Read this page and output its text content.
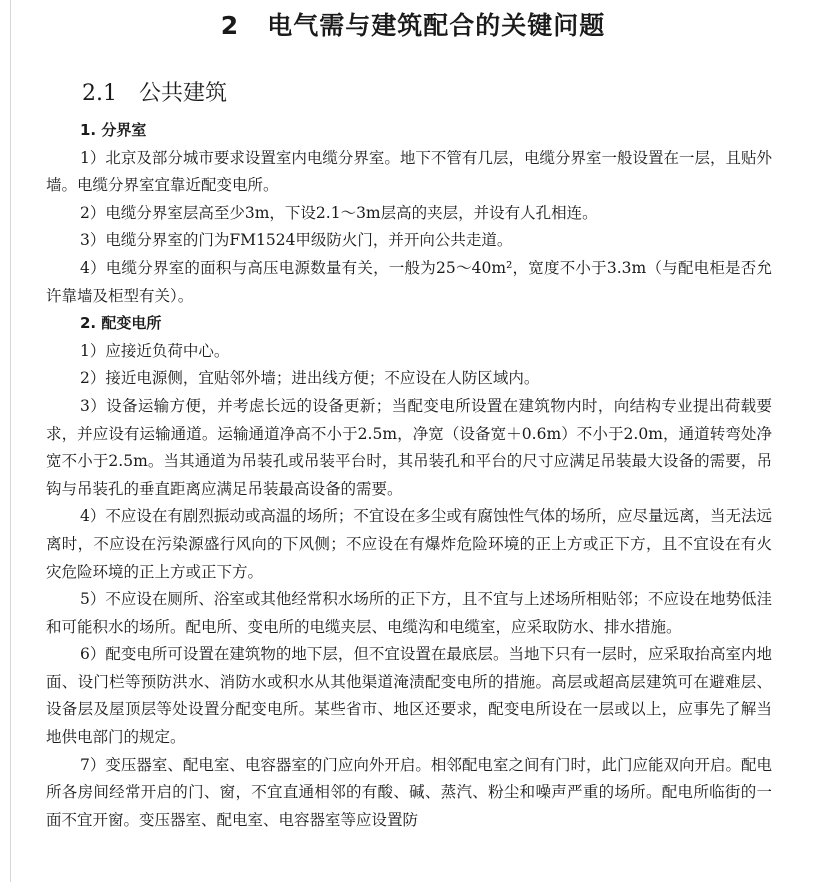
2 电气需与建筑配合的关键问题
2.1 公共建筑

1. 分界室

1）北京及部分城市要求设置室内电缆分界室。地下不管有几层，电缆分界室一般设置在一层，且贴外墙。电缆分界室宜靠近配变电所。

2）电缆分界室层高至少3m，下设2.1～3m层高的夹层，并设有人孔相连。

3）电缆分界室的门为FM1524甲级防火门，并开向公共走道。

4）电缆分界室的面积与高压电源数量有关，一般为25～40m²，宽度不小于3.3m（与配电柜是否允许靠墙及柜型有关）。

2. 配变电所

1）应接近负荷中心。

2）接近电源侧，宜贴邻外墙；进出线方便；不应设在人防区域内。

3）设备运输方便，并考虑长远的设备更新；当配变电所设置在建筑物内时，向结构专业提出荷载要求，并应设有运输通道。运输通道净高不小于2.5m，净宽（设备宽＋0.6m）不小于2.0m，通道转弯处净宽不小于2.5m。当其通道为吊装孔或吊装平台时，其吊装孔和平台的尺寸应满足吊装最大设备的需要，吊钩与吊装孔的垂直距离应满足吊装最高设备的需要。

4）不应设在有剧烈振动或高温的场所；不宜设在多尘或有腐蚀性气体的场所，应尽量远离，当无法远离时，不应设在污染源盛行风向的下风侧；不应设在有爆炸危险环境的正上方或正下方，且不宜设在有火灾危险环境的正上方或正下方。

5）不应设在厕所、浴室或其他经常积水场所的正下方，且不宜与上述场所相贴邻；不应设在地势低洼和可能积水的场所。配电所、变电所的电缆夹层、电缆沟和电缆室，应采取防水、排水措施。

6）配变电所可设置在建筑物的地下层，但不宜设置在最底层。当地下只有一层时，应采取抬高室内地面、设门栏等预防洪水、消防水或积水从其他渠道淹渍配变电所的措施。高层或超高层建筑可在避难层、设备层及屋顶层等处设置分配变电所。某些省市、地区还要求，配变电所设在一层或以上，应事先了解当地供电部门的规定。

7）变压器室、配电室、电容器室的门应向外开启。相邻配电室之间有门时，此门应能双向开启。配电所各房间经常开启的门、窗，不宜直通相邻的有酸、碱、蒸汽、粉尘和噪声严重的场所。配电所临街的一面不宜开窗。变压器室、配电室、电容器室等应设置防
